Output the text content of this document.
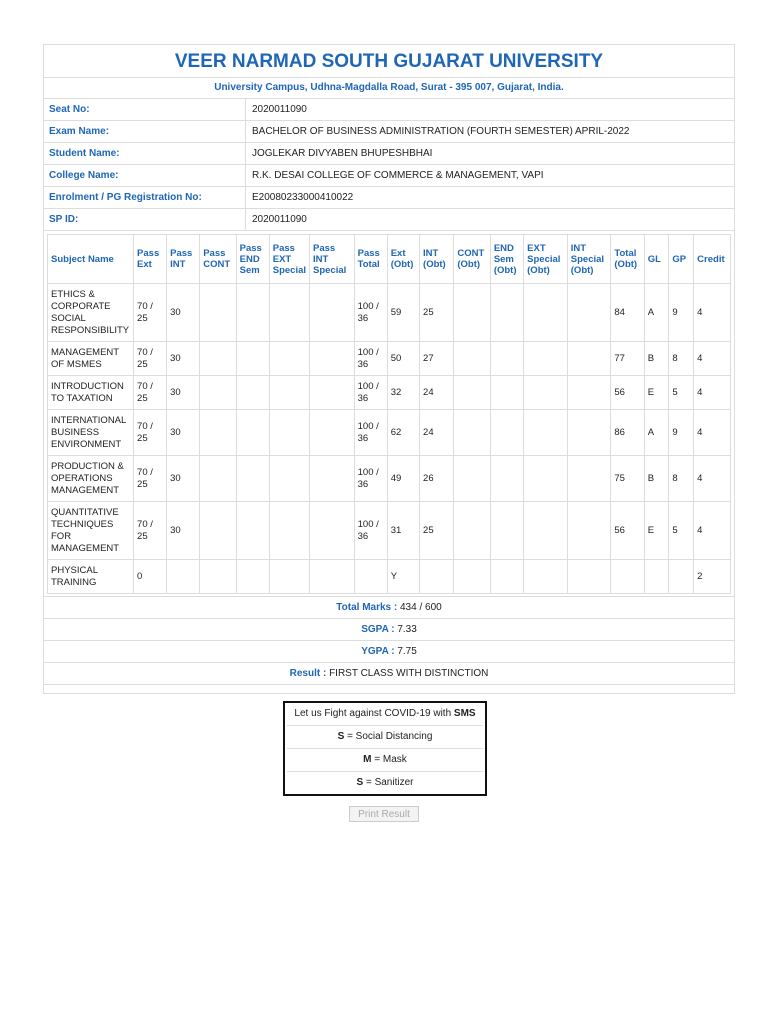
VEER NARMAD SOUTH GUJARAT UNIVERSITY
University Campus, Udhna-Magdalla Road, Surat - 395 007, Gujarat, India.
Seat No:	2020011090
Exam Name:	BACHELOR OF BUSINESS ADMINISTRATION (FOURTH SEMESTER) APRIL-2022
Student Name:	JOGLEKAR DIVYABEN BHUPESHBHAI
College Name:	R.K. DESAI COLLEGE OF COMMERCE & MANAGEMENT, VAPI
Enrolment / PG Registration No:	E20080233000410022
SP ID:	2020011090
Subject Name	Pass Ext	Pass INT	Pass CONT	Pass END Sem	Pass EXT Special	Pass INT Special	Pass Total	Ext (Obt)	INT (Obt)	CONT (Obt)	END Sem (Obt)	EXT Special (Obt)	INT Special (Obt)	Total (Obt)	GL	GP	Credit
ETHICS & CORPORATE SOCIAL RESPONSIBILITY	70 / 25	30					100 / 36	59	25					84	A	9	4
MANAGEMENT OF MSMES	70 / 25	30					100 / 36	50	27					77	B	8	4
INTRODUCTION TO TAXATION	70 / 25	30					100 / 36	32	24					56	E	5	4
INTERNATIONAL BUSINESS ENVIRONMENT	70 / 25	30					100 / 36	62	24					86	A	9	4
PRODUCTION & OPERATIONS MANAGEMENT	70 / 25	30					100 / 36	49	26					75	B	8	4
QUANTITATIVE TECHNIQUES FOR MANAGEMENT	70 / 25	30					100 / 36	31	25					56	E	5	4
PHYSICAL TRAINING	0							Y									2
Total Marks : 434 / 600
SGPA : 7.33
YGPA : 7.75
Result : FIRST CLASS WITH DISTINCTION
Let us Fight against COVID-19 with SMS
S = Social Distancing
M = Mask
S = Sanitizer
Print Result
